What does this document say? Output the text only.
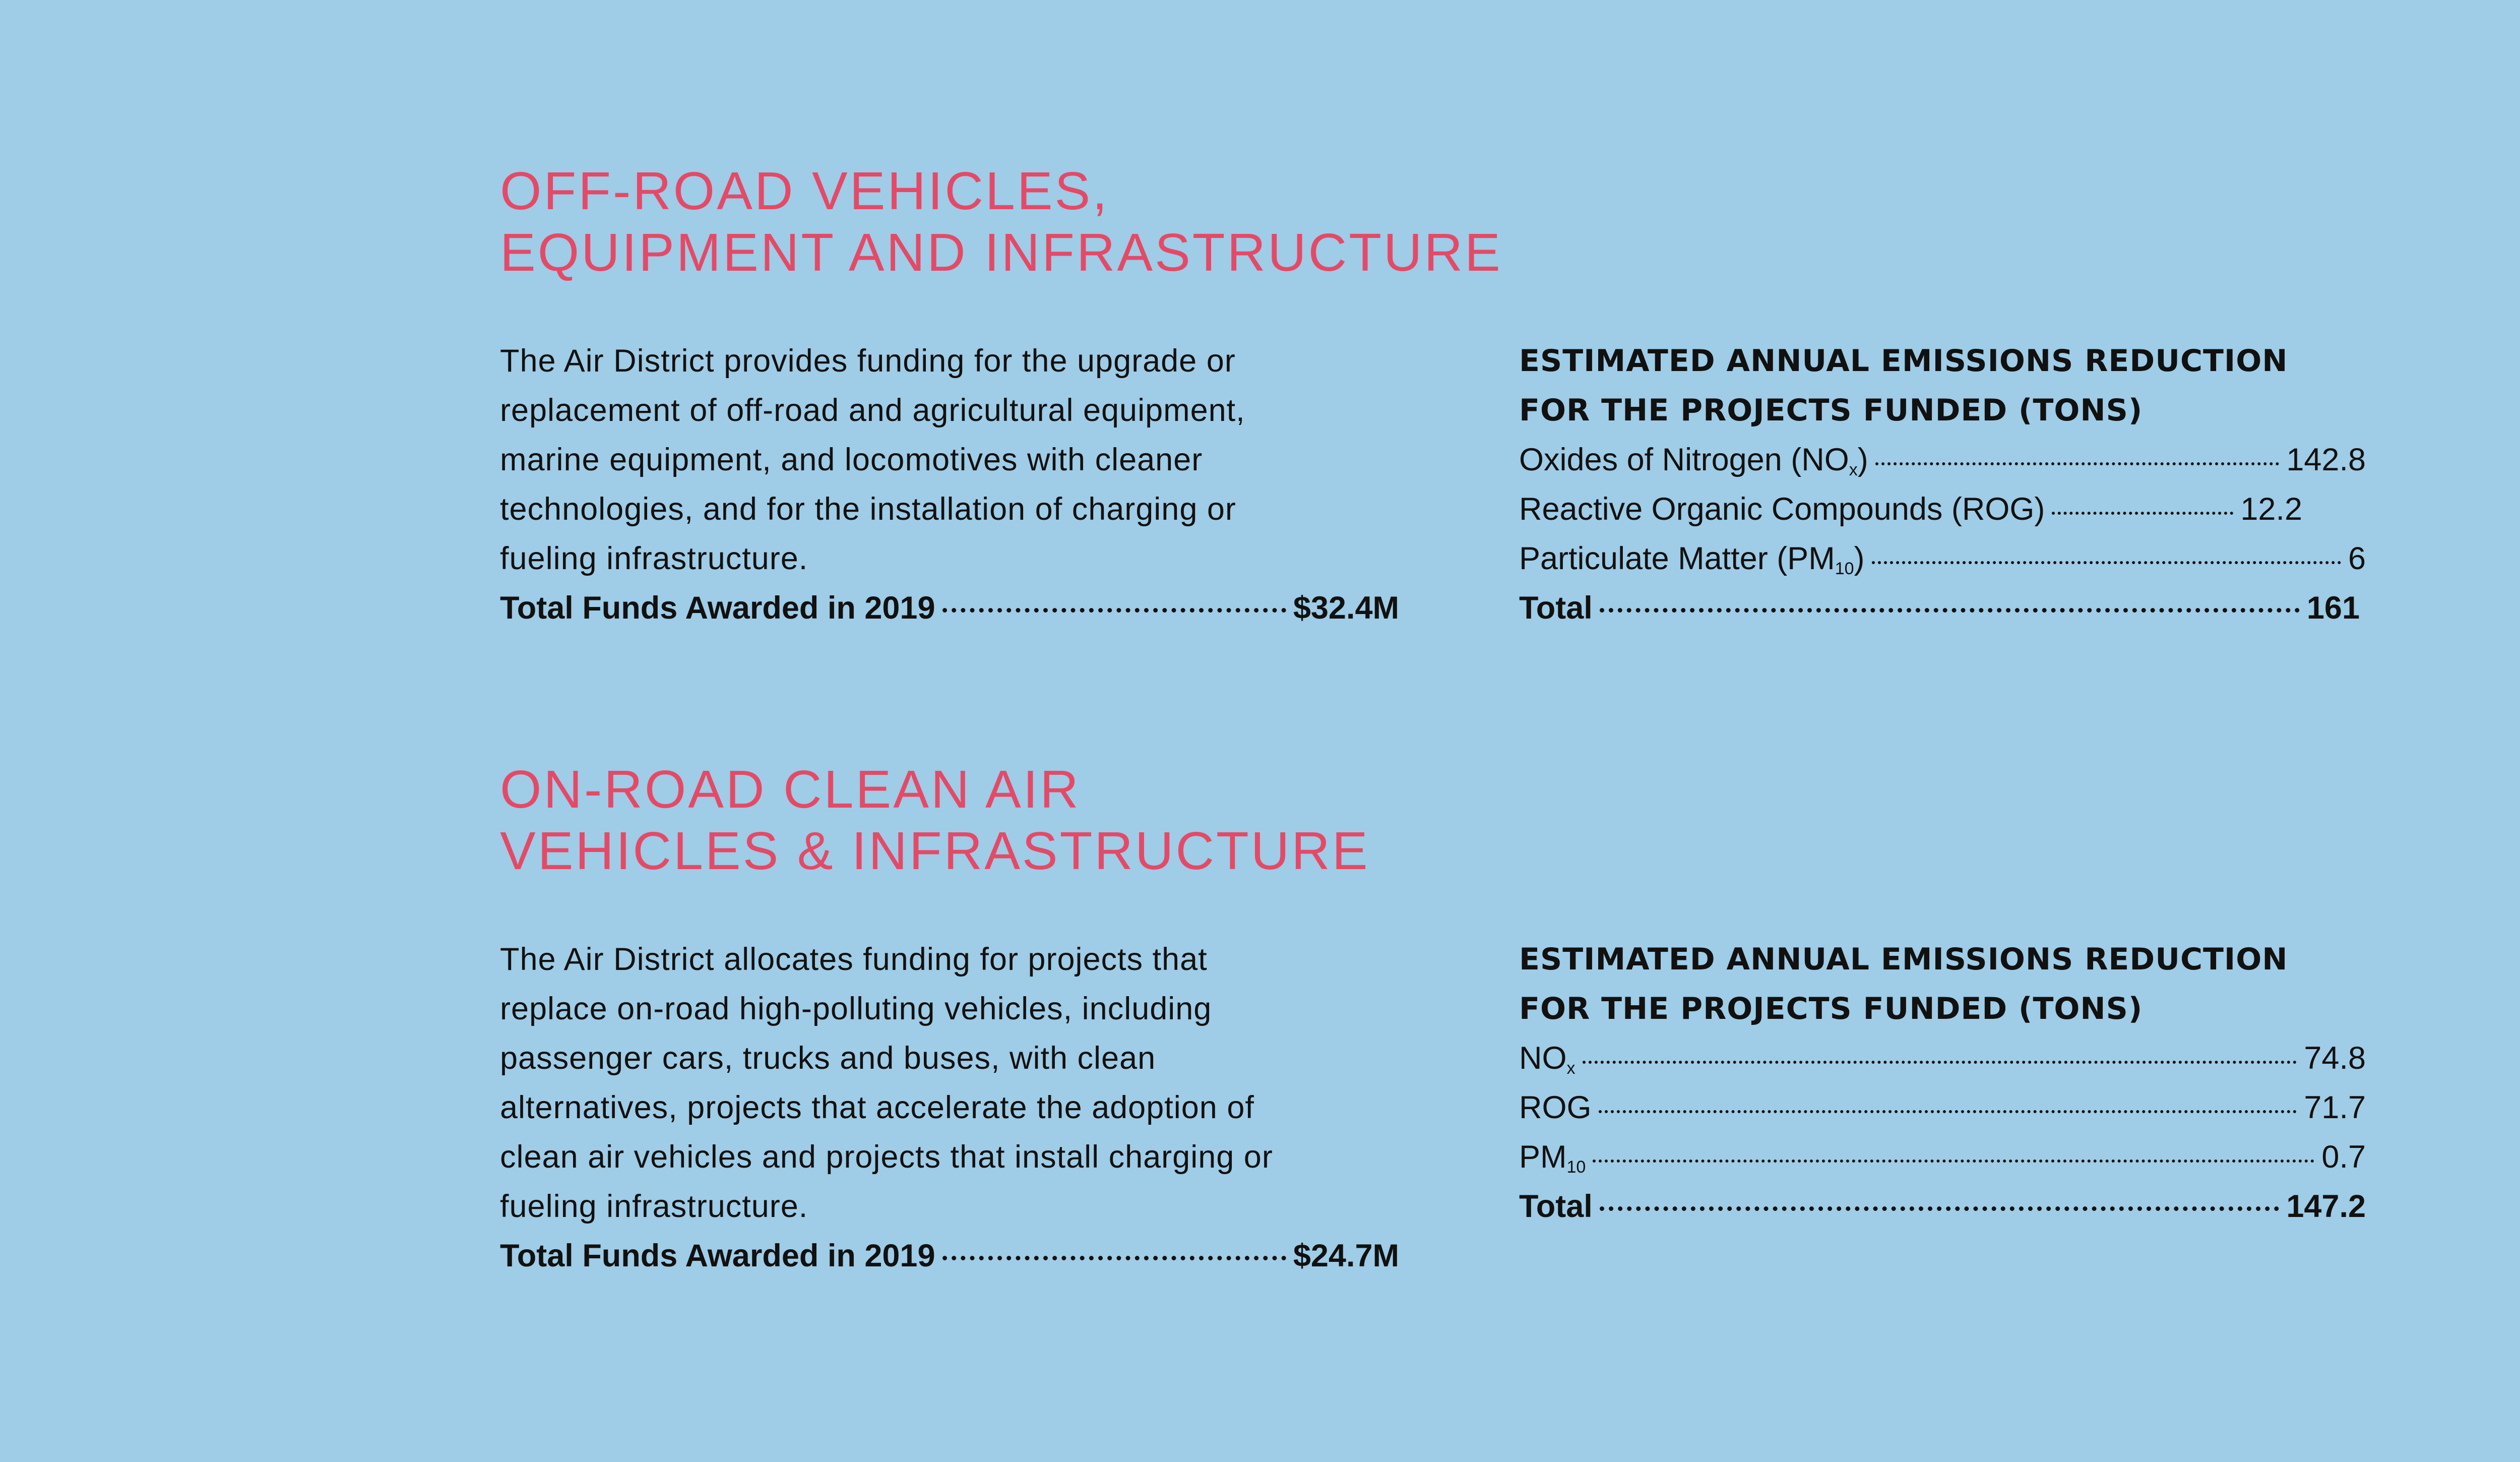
OFF-ROAD VEHICLES,
EQUIPMENT AND INFRASTRUCTURE
The Air District provides funding for the upgrade or
replacement of off-road and agricultural equipment,
marine equipment, and locomotives with cleaner
technologies, and for the installation of charging or
fueling infrastructure.
Total Funds Awarded in 2019	$32.4M
ESTIMATED ANNUAL EMISSIONS REDUCTION
FOR THE PROJECTS FUNDED (TONS)
Oxides of Nitrogen $(NO_x)$	142.8
Reactive Organic Compounds (ROG)	12.2
Particulate Matter $(PM_{10})$	6
Total	161
ON-ROAD CLEAN AIR
VEHICLES & INFRASTRUCTURE
The Air District allocates funding for projects that
replace on-road high-polluting vehicles, including
passenger cars, trucks and buses, with clean
alternatives, projects that accelerate the adoption of
clean air vehicles and projects that install charging or
fueling infrastructure.
Total Funds Awarded in 2019	$24.7M
ESTIMATED ANNUAL EMISSIONS REDUCTION
FOR THE PROJECTS FUNDED (TONS)
$NO_x$	74.8
ROG	71.7
$PM_{10}$	0.7
Total	147.2
